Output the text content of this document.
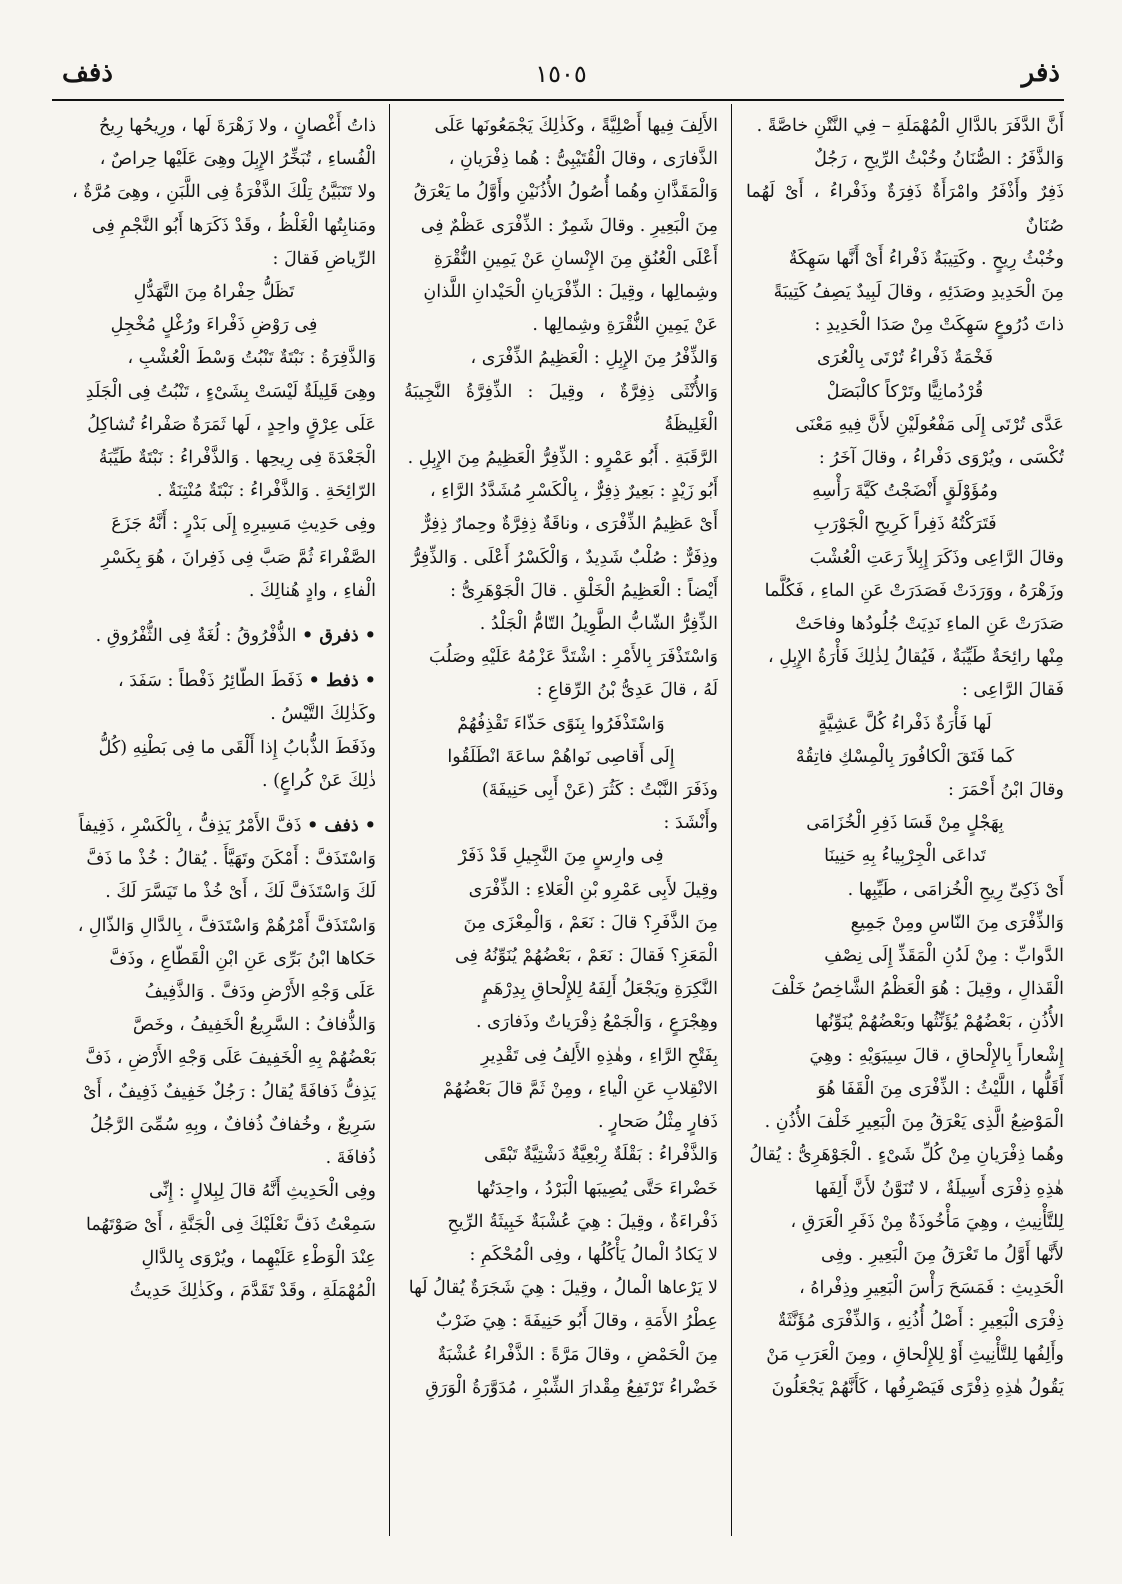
ذفر
١٥٠٥
ذفف

أَنَّ الدَّفَرَ بالدَّالِ الْمُهْمَلَةِ – فِي النَّتْنِ خاصَّةً .

وَالذَّفَرُ : الصُّنَانُ وخُبْثُ الرِّيحِ ، رَجُلٌ

ذَفِرٌ وأَذْفَرُ وامْرَأَةٌ ذَفِرَةٌ وذَفْراءُ ، أَىْ لَهُما صُنَانٌ

وخُبْثُ رِيحٍ . وكَتِيبَةٌ ذَفْراءُ أَىْ أَنَّها سَهِكَةٌ

مِنَ الْحَدِيدِ وصَدَئِهِ ، وقالَ لَبِيدٌ يَصِفُ كَتِيبَةً

ذاتَ دُرُوعٍ سَهِكَتْ مِنْ صَدَا الْحَدِيدِ :

فَخْمَةٌ ذَفْراءُ تُرْتَى بِالْعُرَى

قُرْدُمانِيًّا وتَرْكاً كالْبَصَلْ

عَدَّى تُرْتَى إِلَى مَفْعُولَيْنِ لأَنَّ فِيهِ مَعْنَى

تُكْسَى ، ويُرْوَى دَفْراءُ ، وقالَ آخَرُ :

ومُؤَوْلَقٍ أَنْضَجْتُ كَيَّةَ رَأْسِهِ

فَتَرَكْتُهُ ذَفِراً كَرِيحِ الْجَوْرَبِ

وقالَ الرَّاعِى وذَكَرَ إِبِلاً رَعَتِ الْعُشْبَ

وزَهْرَهُ ، ووَرَدَتْ فَصَدَرَتْ عَنِ الماءِ ، فَكُلَّما

صَدَرَتْ عَنِ الماءِ نَدِيَتْ جُلُودُها وفاحَتْ

مِنْها رائِحَةٌ طَيِّبَةٌ ، فَيُقالُ لِذٰلِكَ فَأْرَةُ الإِبِلِ ،

فَقالَ الرَّاعِى :

لَها فَأْرَةٌ ذَفْراءُ كُلَّ عَشِيَّةٍ

كَما فَتَقَ الْكافُورَ بِالْمِسْكِ فاتِقُهْ

وقالَ ابْنُ أَحْمَرَ :

بِهَجْلٍ مِنْ قَسَا ذَفِرِ الْخُزَامَى

تَداعَى الْجِرْبِياءُ بِهِ حَنِينَا

أَىْ ذَكِىِّ رِيحِ الْخُزامَى ، طَيِّبِها .

وَالذِّفْرَى مِنَ النّاسِ ومِنْ جَمِيعِ

الدَّوابِّ : مِنْ لَدُنِ الْمَقَذِّ إِلَى نِصْفِ

الْقَذالِ ، وقِيلَ : هُوَ الْعَظْمُ الشَّاخِصُ خَلْفَ

الأُذُنِ ، بَعْضُهُمْ يُؤَنِّثُها وبَعْضُهُمْ يُنَوِّنُها

إِشْعاراً بِالإِلْحاقِ ، قالَ سِيبَوَيْهِ : وهِيَ

أَقَلُّها ، اللَّيْثُ : الذِّفْرَى مِنَ الْقَفَا هُوَ

الْمَوْضِعُ الَّذِى يَعْرَقُ مِنَ الْبَعِيرِ خَلْفَ الأُذُنِ .

وهُما ذِفْرَيانِ مِنْ كُلِّ شَىْءٍ . الْجَوْهَرِىُّ : يُقالُ

هٰذِهِ ذِفْرَى أَسِيلَةٌ ، لا تُنَوَّنُ لأَنَّ أَلِفَها

لِلتَّأْنِيثِ ، وهِيَ مَأْخُوذَةٌ مِنْ ذَفَرِ الْعَرَقِ ،

لأَنَّها أَوَّلُ ما تَعْرَقُ مِنَ الْبَعِيرِ . وفِى

الْحَدِيثِ : فَمَسَحَ رَأْسَ الْبَعِيرِ وذِفْراهُ ،

ذِفْرَى الْبَعِيرِ : أَصْلُ أُذُنِهِ ، وَالذِّفْرَى مُؤَنَّثَةٌ

وأَلِفُها لِلتَّأْنِيثِ أَوْ لِلإِلْحاقِ ، ومِنَ الْعَرَبِ مَنْ

يَقُولُ هٰذِهِ ذِفْرًى فَيَصْرِفُها ، كَأَنَّهُمْ يَجْعَلُونَ

الأَلِفَ فِيها أَصْلِيَّةً ، وكَذٰلِكَ يَجْمَعُونَها عَلَى

الذَّفارَى ، وقالَ الْقُتَيْبِىُّ : هُما ذِفْرَيانِ ،

وَالْمَقَذَّانِ وهُما أُصُولُ الأُذُنَيْنِ وأَوَّلُ ما يَعْرَقُ

مِنَ الْبَعِيرِ . وقالَ شَمِرٌ : الذِّفْرَى عَظْمٌ فِى

أَعْلَى الْعُنُقِ مِنَ الإِنْسانِ عَنْ يَمِينِ النُّقْرَةِ

وشِمالِها ، وقِيلَ : الذِّفْرَيانِ الْحَيْدانِ اللَّذانِ

عَنْ يَمِينِ النُّقْرَةِ وشِمالِها .

وَالذِّفْرُ مِنَ الإِبِلِ : الْعَظِيمُ الذِّفْرَى ،

وَالأُنْثَى ذِفِرَّةٌ ، وقِيلَ : الذِّفِرَّةُ النَّجِيبَةُ الْغَلِيظَةُ

الرَّقَبَةِ . أَبُو عَمْرٍو : الذِّفِرُّ الْعَظِيمُ مِنَ الإِبِلِ .

أَبُو زَيْدٍ : بَعِيرٌ ذِفِرٌّ ، بِالْكَسْرِ مُشَدَّدُ الرَّاءِ ،

أَىْ عَظِيمُ الذِّفْرَى ، وناقَةٌ ذِفِرَّةٌ وحِمارٌ ذِفِرٌّ

وذِفَرٌّ : صُلْبٌ شَدِيدٌ ، وَالْكَسْرُ أَعْلَى . وَالذِّفِرُّ

أَيْضاً : الْعَظِيمُ الْخَلْقِ . قالَ الْجَوْهَرِىُّ :

الذِّفِرُّ الشّابُّ الطَّوِيلُ التّامُّ الْجَلْدُ .

وَاسْتَذْفَرَ بِالأَمْرِ : اشْتَدَّ عَزْمُهُ عَلَيْهِ وصَلُبَ

لَهُ ، قالَ عَدِىُّ بْنُ الرِّقاعِ :

وَاسْتَذْفَرُوا بِنَوًى حَذّاءَ تَقْذِفُهُمْ

إِلَى أَقاصِى نَواهُمْ ساعَةَ انْطَلَقُوا

وذَفَرَ النَّبْتُ : كَثُرَ (عَنْ أَبِى حَنِيفَةَ)

وأَنْشَدَ :

فِى وارِسٍ مِنَ النَّجِيلِ قَدْ ذَفَرْ

وقِيلَ لأَبِى عَمْرِو بْنِ الْعَلاءِ : الذِّفْرَى

مِنَ الذَّفَرِ؟ قالَ : نَعَمْ ، وَالْمِعْزَى مِنَ

الْمَعَزِ؟ فَقالَ : نَعَمْ ، بَعْضُهُمْ يُنَوِّنُهُ فِى

النَّكِرَةِ ويَجْعَلُ أَلِفَهُ لِلإِلْحاقِ بِدِرْهَمٍ

وهِجْرَعٍ ، وَالْجَمْعُ ذِفْرَياتٌ وذَفارَى .

بِفَتْحِ الرَّاءِ ، وهٰذِهِ الأَلِفُ فِى تَقْدِيرِ

الانْقِلابِ عَنِ الْياءِ ، ومِنْ ثَمَّ قالَ بَعْضُهُمْ

ذَفارٍ مِثْلُ صَحارٍ .

وَالذَّفْراءُ : بَقْلَةٌ رِبْعِيَّةٌ دَشْتِيَّةٌ تَبْقَى

خَضْراءَ حَتَّى يُصِيبَها الْبَرْدُ ، واحِدَتُها

ذَفْراءَةٌ ، وقِيلَ : هِيَ عُشْبَةٌ خَبِيثَةُ الرِّيحِ

لا يَكادُ الْمالُ يَأْكُلُها ، وفِى الْمُحْكَمِ :

لا يَرْعاها الْمالُ ، وقِيلَ : هِيَ شَجَرَةٌ يُقالُ لَها

عِطْرُ الأَمَةِ ، وقالَ أَبُو حَنِيفَةَ : هِيَ ضَرْبٌ

مِنَ الْحَمْضِ ، وقالَ مَرَّةً : الذَّفْراءُ عُشْبَةٌ

خَضْراءُ تَرْتَفِعُ مِقْدارَ الشِّبْرِ ، مُدَوَّرَةُ الْوَرَقِ

ذاتُ أَغْصانٍ ، ولا زَهْرَةَ لَها ، ورِيحُها رِيحُ

الْفُساءِ ، تُبَخِّرُ الإِبِلَ وهِىَ عَلَيْها حِراصٌ ،

ولا تَتَبَيَّنُ تِلْكَ الذَّفْرَةُ فِى اللَّبَنِ ، وهِىَ مُرَّةٌ ،

ومَنابِتُها الْغَلْظُ ، وقَدْ ذَكَرَها أَبُو النَّجْمِ فِى

الرِّياضِ فَقالَ :

تَظَلُّ حِفْراهُ مِنَ التَّهَدُّلِ

فِى رَوْضِ ذَفْراءَ ورُغْلٍ مُخْجِلِ

وَالذَّفِرَةُ : نَبْتَةٌ تَنْبُتُ وَسْطَ الْعُشْبِ ،

وهِىَ قَلِيلَةٌ لَيْسَتْ بِشَىْءٍ ، تَنْبُتُ فِى الْجَلَدِ

عَلَى عِرْقٍ واحِدٍ ، لَها ثَمَرَةٌ صَفْراءُ تُشاكِلُ

الْجَعْدَةَ فِى رِيحِها . وَالذَّفْراءُ : نَبْتَةٌ طَيِّبَةُ

الرّائِحَةِ . وَالذَّفْراءُ : نَبْتَةٌ مُنْتِنَةٌ .

وفِى حَدِيثِ مَسِيرِهِ إِلَى بَدْرٍ : أَنَّهُ جَزَعَ

الصَّفْراءَ ثُمَّ صَبَّ فِى ذَفِرانَ ، هُوَ بِكَسْرِ

الْفاءِ ، وادٍ هُنالِكَ .

• ذفرق • الذُّفْرُوقُ : لُغَةٌ فِى الثُّفْرُوقِ .

• ذفط • ذَفَطَ الطّائِرُ ذَفْطاً : سَفَدَ ،

وكَذٰلِكَ التَّيْسُ .

وذَفَطَ الذُّبابُ إِذا أَلْقَى ما فِى بَطْنِهِ (كُلُّ

ذٰلِكَ عَنْ كُراعٍ) .

• ذفف • ذَفَّ الأَمْرُ يَذِفُّ ، بِالْكَسْرِ ، ذَفِيفاً

وَاسْتَذَفَّ : أَمْكَنَ وتَهَيَّأَ . يُقالُ : خُذْ ما ذَفَّ

لَكَ وَاسْتَذَفَّ لَكَ ، أَىْ خُذْ ما تَيَسَّرَ لَكَ .

وَاسْتَذَفَّ أَمْرُهُمْ وَاسْتَدَفَّ ، بِالدَّالِ وَالذّالِ ،

حَكاها ابْنُ بَرِّى عَنِ ابْنِ الْقَطّاعِ ، وذَفَّ

عَلَى وَجْهِ الأَرْضِ ودَفَّ . وَالذَّفِيفُ

وَالذُّفافُ : السَّرِيعُ الْخَفِيفُ ، وخَصَّ

بَعْضُهُمْ بِهِ الْخَفِيفَ عَلَى وَجْهِ الأَرْضِ ، ذَفَّ

يَذِفُّ ذَفافَةً يُقالُ : رَجُلٌ خَفِيفٌ ذَفِيفٌ ، أَىْ

سَرِيعٌ ، وخُفافٌ ذُفافٌ ، وبِهِ سُمِّىَ الرَّجُلُ

ذُفافَةَ .

وفِى الْحَدِيثِ أَنَّهُ قالَ لِبِلالٍ : إِنِّى

سَمِعْتُ ذَفَّ نَعْلَيْكَ فِى الْجَنَّةِ ، أَىْ صَوْتَهُما

عِنْدَ الْوَطْءِ عَلَيْهِما ، ويُرْوَى بِالدَّالِ

الْمُهْمَلَةِ ، وقَدْ تَقَدَّمَ ، وكَذٰلِكَ حَدِيثُ
